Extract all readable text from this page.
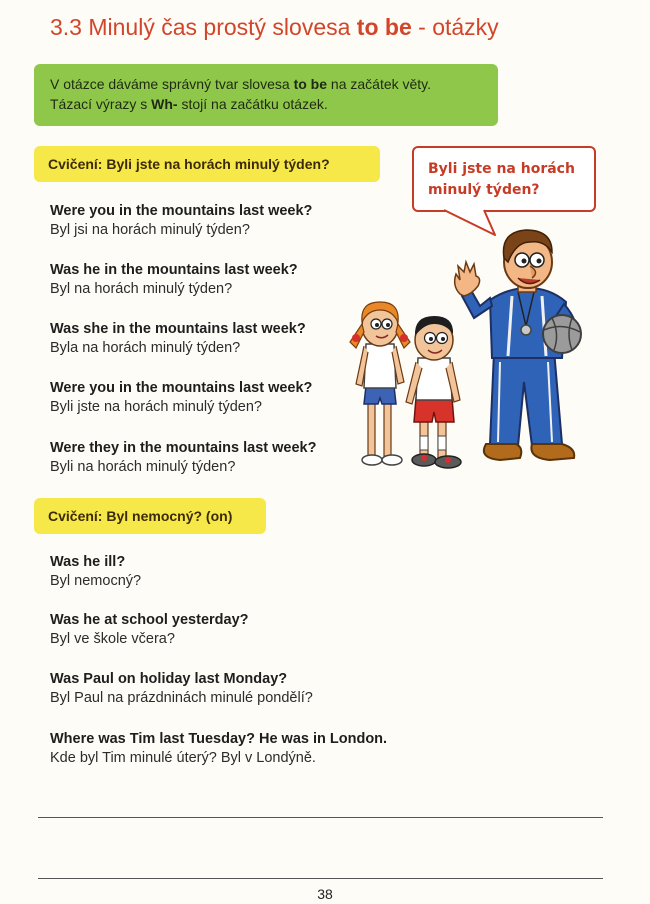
3.3 Minulý čas prostý slovesa to be - otázky

V otázce dáváme správný tvar slovesa to be na začátek věty.

Tázací výrazy s Wh- stojí na začátku otázek.

Cvičení: Byli jste na horách minulý týden?
Were you in the mountains last week?
Byl jsi na horách minulý týden?
Was he in the mountains last week?
Byl na horách minulý týden?
Was she in the mountains last week?
Byla na horách minulý týden?
Were you in the mountains last week?
Byli jste na horách minulý týden?
Were they in the mountains last week?
Byli na horách minulý týden?
Byli jste na horách
minulý týden?
Cvičení: Byl nemocný? (on)
Was he ill?
Byl nemocný?
Was he at school yesterday?
Byl ve škole včera?
Was Paul on holiday last Monday?
Byl Paul na prázdninách minulé pondělí?
Where was Tim last Tuesday? He was in London.
Kde byl Tim minulé úterý? Byl v Londýně.
38
